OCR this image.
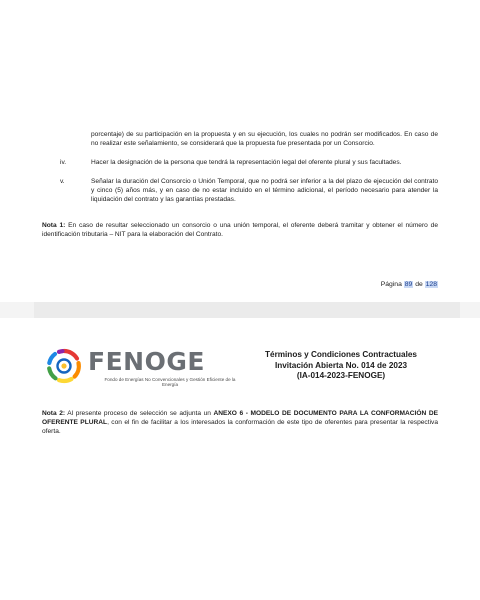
porcentaje) de su participación en la propuesta y en su ejecución, los cuales no podrán ser modificados. En caso de no realizar este señalamiento, se considerará que la propuesta fue presentada por un Consorcio.

iv.	Hacer la designación de la persona que tendrá la representación legal del oferente plural y sus facultades.

v.	Señalar la duración del Consorcio o Unión Temporal, que no podrá ser inferior a la del plazo de ejecución del contrato y cinco (5) años más, y en caso de no estar incluido en el término adicional, el período necesario para atender la liquidación del contrato y las garantías prestadas.

Nota 1: En caso de resultar seleccionado un consorcio o una unión temporal, el oferente deberá tramitar y obtener el número de identificación tributaria – NIT para la elaboración del Contrato.

Página 89 de 128
FENOGE
Fondo de Energías No Convencionales y Gestión Eficiente de la Energía
Términos y Condiciones Contractuales
Invitación Abierta No. 014 de 2023
(IA-014-2023-FENOGE)

Nota 2: Al presente proceso de selección se adjunta un ANEXO 6 - MODELO DE DOCUMENTO PARA LA CONFORMACIÓN DE OFERENTE PLURAL, con el fin de facilitar a los interesados la conformación de este tipo de oferentes para presentar la respectiva oferta.
